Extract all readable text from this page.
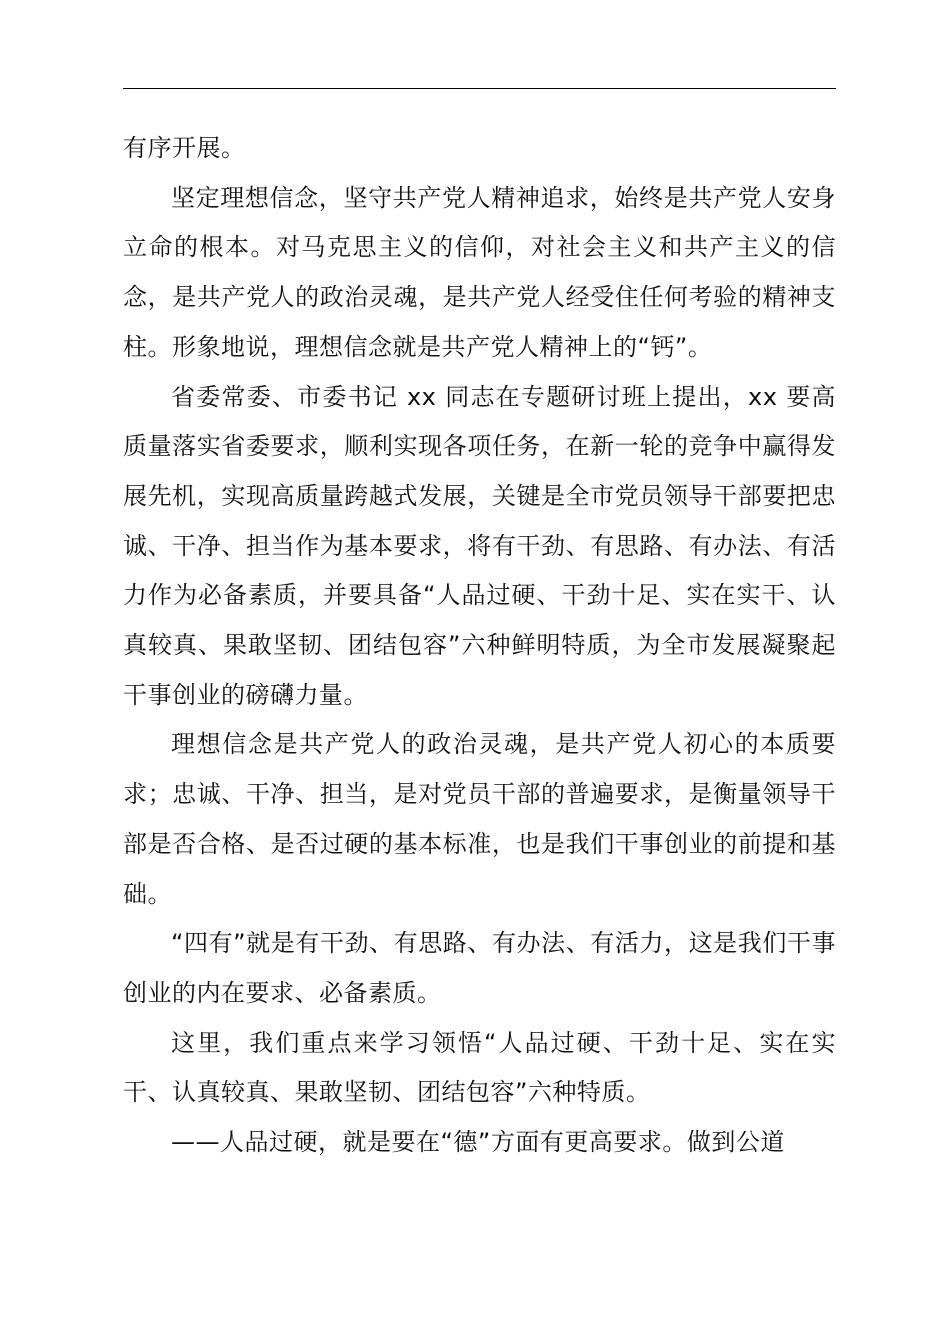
有序开展。

坚定理想信念，坚守共产党人精神追求，始终是共产党人安身立命的根本。对马克思主义的信仰，对社会主义和共产主义的信念，是共产党人的政治灵魂，是共产党人经受住任何考验的精神支柱。形象地说，理想信念就是共产党人精神上的“钙”。

省委常委、市委书记 xx 同志在专题研讨班上提出，xx 要高质量落实省委要求，顺利实现各项任务，在新一轮的竞争中赢得发展先机，实现高质量跨越式发展，关键是全市党员领导干部要把忠诚、干净、担当作为基本要求，将有干劲、有思路、有办法、有活力作为必备素质，并要具备“人品过硬、干劲十足、实在实干、认真较真、果敢坚韧、团结包容”六种鲜明特质，为全市发展凝聚起干事创业的磅礴力量。

理想信念是共产党人的政治灵魂，是共产党人初心的本质要求；忠诚、干净、担当，是对党员干部的普遍要求，是衡量领导干部是否合格、是否过硬的基本标准，也是我们干事创业的前提和基础。

“四有”就是有干劲、有思路、有办法、有活力，这是我们干事创业的内在要求、必备素质。

这里，我们重点来学习领悟“人品过硬、干劲十足、实在实干、认真较真、果敢坚韧、团结包容”六种特质。

——人品过硬，就是要在“德”方面有更高要求。做到公道
